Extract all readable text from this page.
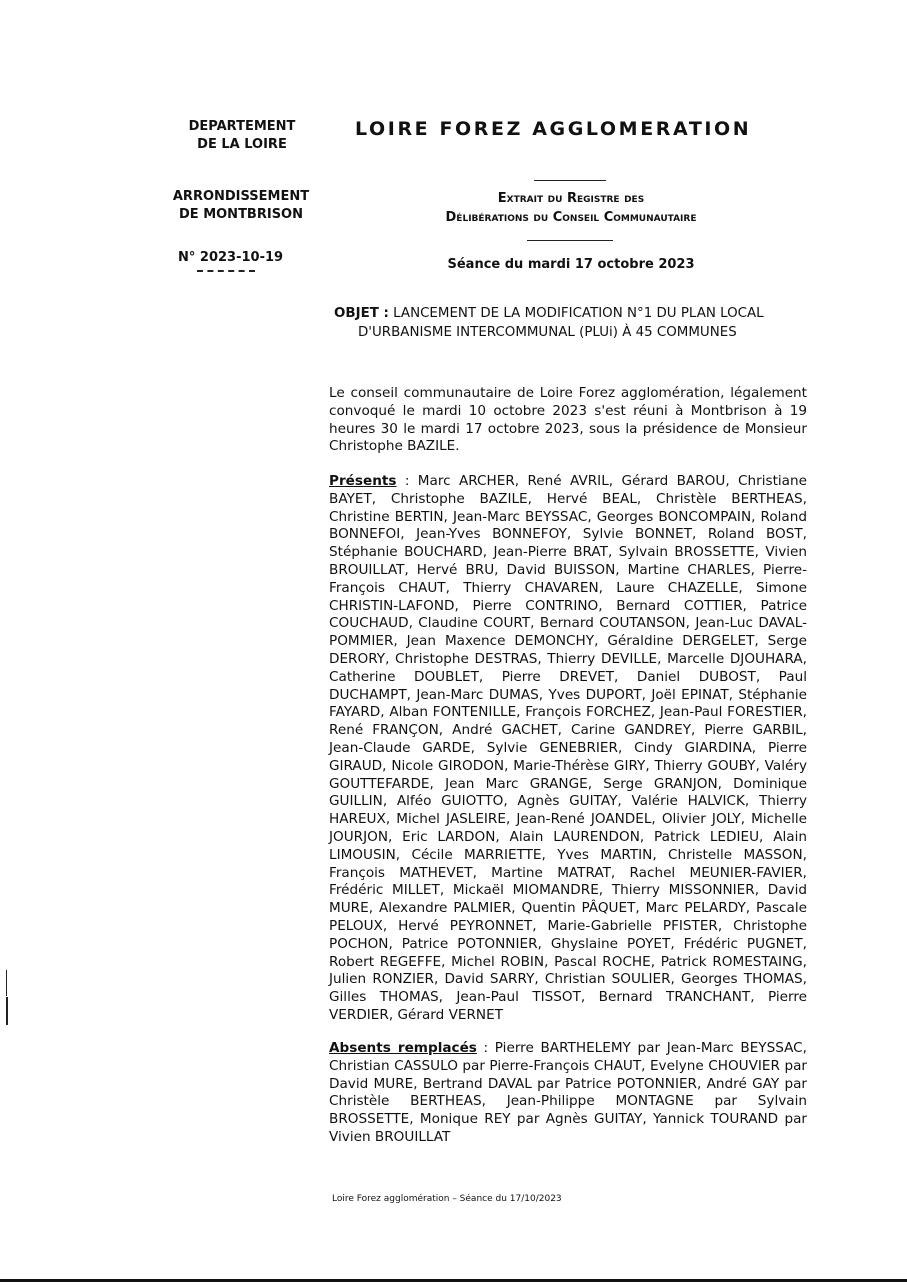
DEPARTEMENT
DE LA LOIRE
LOIRE FOREZ AGGLOMERATION
ARRONDISSEMENT
DE MONTBRISON
Extrait du Registre des
Délibérations du Conseil Communautaire
N° 2023-10-19	Séance du mardi 17 octobre 2023
OBJET : LANCEMENT DE LA MODIFICATION N°1 DU PLAN LOCAL
D'URBANISME INTERCOMMUNAL (PLUi) À 45 COMMUNES

Le conseil communautaire de Loire Forez agglomération, légalement convoqué le mardi 10 octobre 2023 s'est réuni à Montbrison à 19 heures 30 le mardi 17 octobre 2023, sous la présidence de Monsieur Christophe BAZILE.

Présents : Marc ARCHER, René AVRIL, Gérard BAROU, Christiane BAYET, Christophe BAZILE, Hervé BEAL, Christèle BERTHEAS, Christine BERTIN, Jean-Marc BEYSSAC, Georges BONCOMPAIN, Roland BONNEFOI, Jean-Yves BONNEFOY, Sylvie BONNET, Roland BOST, Stéphanie BOUCHARD, Jean-Pierre BRAT, Sylvain BROSSETTE, Vivien BROUILLAT, Hervé BRU, David BUISSON, Martine CHARLES, Pierre-François CHAUT, Thierry CHAVAREN, Laure CHAZELLE, Simone CHRISTIN-LAFOND, Pierre CONTRINO, Bernard COTTIER, Patrice COUCHAUD, Claudine COURT, Bernard COUTANSON, Jean-Luc DAVAL-POMMIER, Jean Maxence DEMONCHY, Géraldine DERGELET, Serge DERORY, Christophe DESTRAS, Thierry DEVILLE, Marcelle DJOUHARA, Catherine DOUBLET, Pierre DREVET, Daniel DUBOST, Paul DUCHAMPT, Jean-Marc DUMAS, Yves DUPORT, Joël EPINAT, Stéphanie FAYARD, Alban FONTENILLE, François FORCHEZ, Jean-Paul FORESTIER, René FRANÇON, André GACHET, Carine GANDREY, Pierre GARBIL, Jean-Claude GARDE, Sylvie GENEBRIER, Cindy GIARDINA, Pierre GIRAUD, Nicole GIRODON, Marie-Thérèse GIRY, Thierry GOUBY, Valéry GOUTTEFARDE, Jean Marc GRANGE, Serge GRANJON, Dominique GUILLIN, Alféo GUIOTTO, Agnès GUITAY, Valérie HALVICK, Thierry HAREUX, Michel JASLEIRE, Jean-René JOANDEL, Olivier JOLY, Michelle JOURJON, Eric LARDON, Alain LAURENDON, Patrick LEDIEU, Alain LIMOUSIN, Cécile MARRIETTE, Yves MARTIN, Christelle MASSON, François MATHEVET, Martine MATRAT, Rachel MEUNIER-FAVIER, Frédéric MILLET, Mickaël MIOMANDRE, Thierry MISSONNIER, David MURE, Alexandre PALMIER, Quentin PÂQUET, Marc PELARDY, Pascale PELOUX, Hervé PEYRONNET, Marie-Gabrielle PFISTER, Christophe POCHON, Patrice POTONNIER, Ghyslaine POYET, Frédéric PUGNET, Robert REGEFFE, Michel ROBIN, Pascal ROCHE, Patrick ROMESTAING, Julien RONZIER, David SARRY, Christian SOULIER, Georges THOMAS, Gilles THOMAS, Jean-Paul TISSOT, Bernard TRANCHANT, Pierre VERDIER, Gérard VERNET

Absents remplacés : Pierre BARTHELEMY par Jean-Marc BEYSSAC, Christian CASSULO par Pierre-François CHAUT, Evelyne CHOUVIER par David MURE, Bertrand DAVAL par Patrice POTONNIER, André GAY par Christèle BERTHEAS, Jean-Philippe MONTAGNE par Sylvain BROSSETTE, Monique REY par Agnès GUITAY, Yannick TOURAND par Vivien BROUILLAT

Loire Forez agglomération – Séance du 17/10/2023
